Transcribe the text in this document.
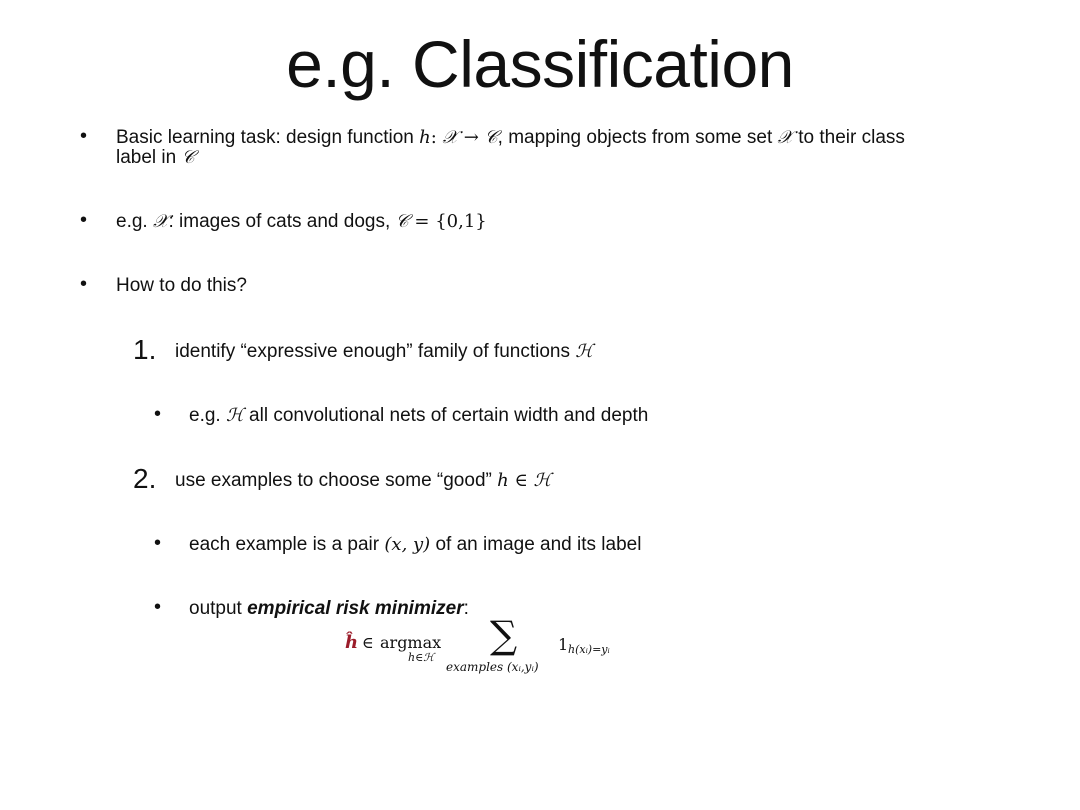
e.g. Classification
• Basic learning task: design function h: 𝒳 → 𝒞, mapping objects from some set 𝒳 to their class
label in 𝒞
• e.g. 𝒳: images of cats and dogs, 𝒞 = {0,1}
• How to do this?
1. identify “expressive enough” family of functions ℋ
• e.g. ℋ all convolutional nets of certain width and depth
2. use examples to choose some “good” h ∈ ℋ
• each example is a pair (x, y) of an image and its label
• output empirical risk minimizer:
ĥ ∈ argmax
h∈ℋ
∑
examples (xᵢ,yᵢ)
1 h(xᵢ)=yᵢ
